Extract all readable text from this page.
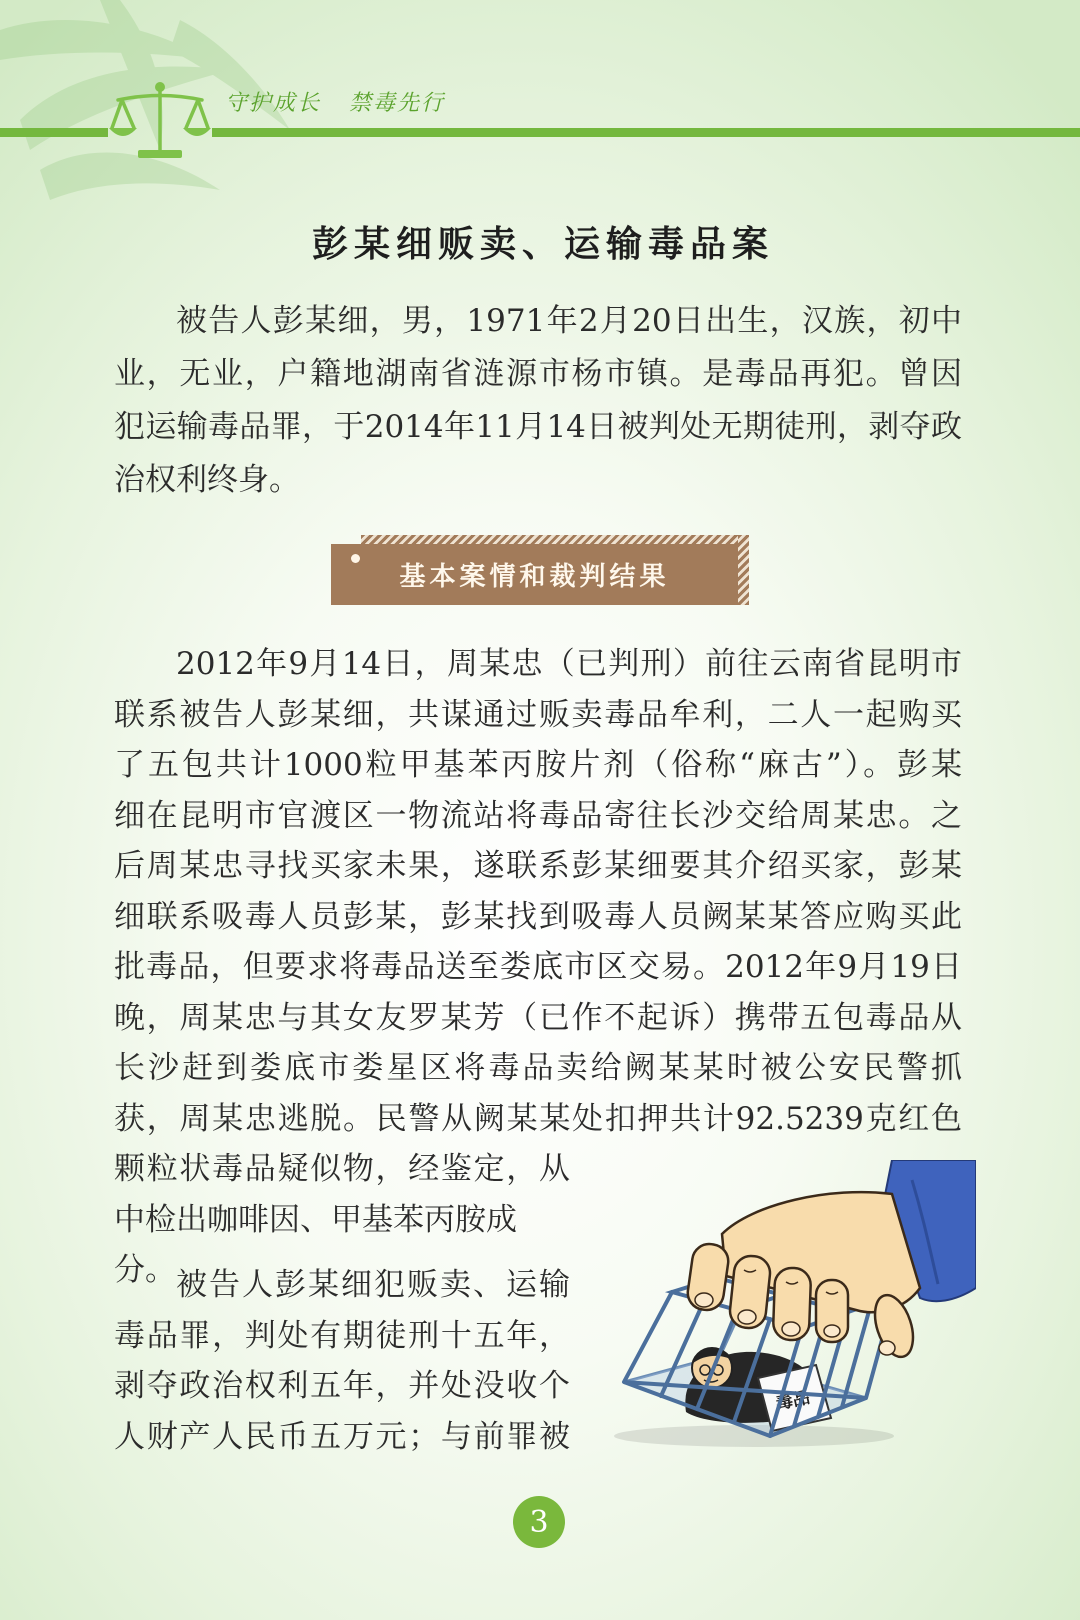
守护成长 禁毒先行
彭某细贩卖、运输毒品案
被告人彭某细，男，1971年2月20日出生，汉族，初中
业，无业，户籍地湖南省涟源市杨市镇。是毒品再犯。曾因
犯运输毒品罪，于2014年11月14日被判处无期徒刑，剥夺政
治权利终身。
基本案情和裁判结果
2012年9月14日，周某忠（已判刑）前往云南省昆明市
联系被告人彭某细，共谋通过贩卖毒品牟利，二人一起购买
了五包共计1000粒甲基苯丙胺片剂（俗称“麻古”）。彭某
细在昆明市官渡区一物流站将毒品寄往长沙交给周某忠。之
后周某忠寻找买家未果，遂联系彭某细要其介绍买家，彭某
细联系吸毒人员彭某，彭某找到吸毒人员阙某某答应购买此
批毒品，但要求将毒品送至娄底市区交易。2012年9月19日
晚，周某忠与其女友罗某芳（已作不起诉）携带五包毒品从
长沙赶到娄底市娄星区将毒品卖给阙某某时被公安民警抓
获，周某忠逃脱。民警从阙某某处扣押共计92.5239克红色
颗粒状毒品疑似物，经鉴定，从
中检出咖啡因、甲基苯丙胺成分。 被告人彭某细犯贩卖、运输
毒品罪，判处有期徒刑十五年，
剥夺政治权利五年，并处没收个
人财产人民币五万元；与前罪被
毒品
3
